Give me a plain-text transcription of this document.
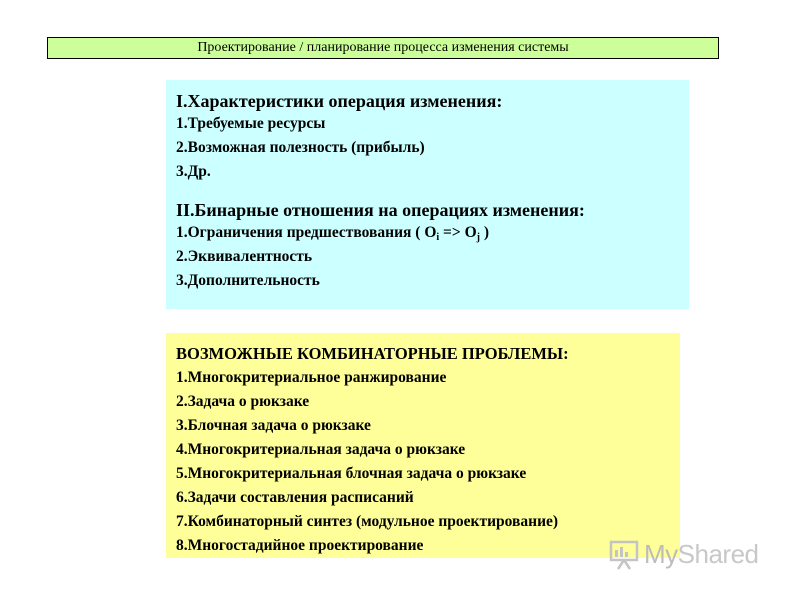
Проектирование / планирование процесса изменения системы

I.Характеристики операция изменения:

1.Требуемые ресурсы

2.Возможная полезность (прибыль)

3.Др.

II.Бинарные отношения на операциях изменения:

1.Ограничения предшествования ( $O_i => O_j$ )

2.Эквивалентность

3.Дополнительность

ВОЗМОЖНЫЕ КОМБИНАТОРНЫЕ ПРОБЛЕМЫ:

1.Многокритериальное ранжирование

2.Задача о рюкзаке

3.Блочная задача о рюкзаке

4.Многокритериальная задача о рюкзаке

5.Многокритериальная блочная задача о рюкзаке

6.Задачи составления расписаний

7.Комбинаторный синтез (модульное проектирование)

8.Многостадийное проектирование	MyShared
